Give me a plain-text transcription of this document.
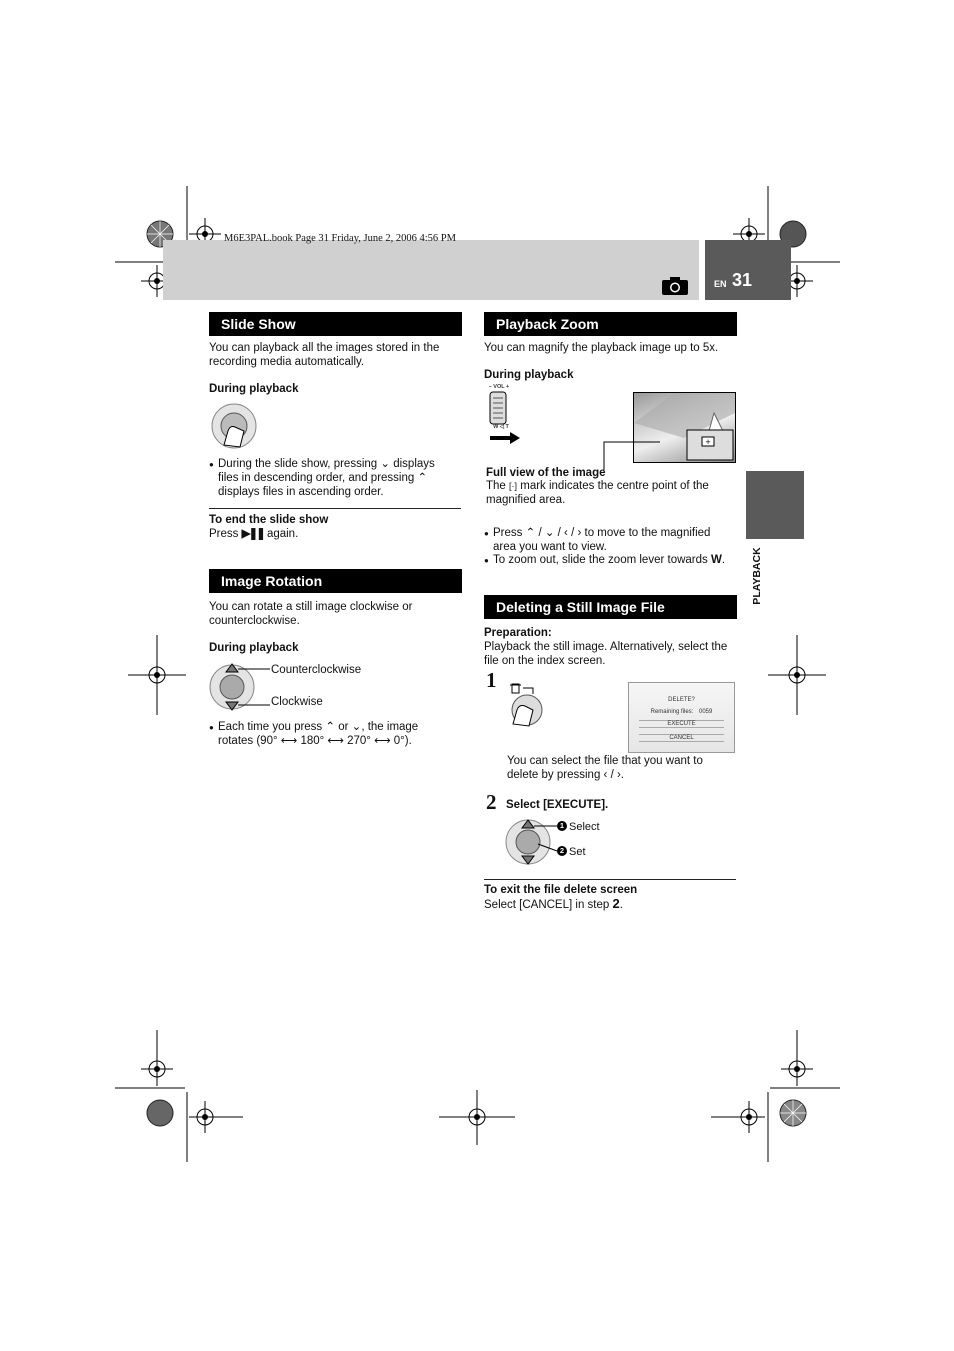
M6E3PAL.book Page 31 Friday, June 2, 2006 4:56 PM
EN 31
PLAYBACK
Slide Show
You can playback all the images stored in the recording media automatically.
During playback
● During the slide show, pressing ⌄ displays files in descending order, and pressing ⌃ displays files in ascending order.
To end the slide show
Press ▶❚❚ again.
Image Rotation
You can rotate a still image clockwise or counterclockwise.
During playback
Counterclockwise
Clockwise
● Each time you press ⌃ or ⌄, the image
rotates (90° ⟷ 180° ⟷ 270° ⟷ 0°).
Playback Zoom
You can magnify the playback image up to 5x.
During playback
– VOL +
W ◁ T
+
Full view of the image
The [·] mark indicates the centre point of the magnified area.
● Press ⌃ / ⌄ / ‹ / › to move to the magnified area you want to view.
● To zoom out, slide the zoom lever towards W.
Deleting a Still Image File
Preparation:
Playback the still image. Alternatively, select the file on the index screen.
1
DELETE?
Remaining files: 0059
EXECUTE
CANCEL
You can select the file that you want to delete by pressing ‹ / ›.
2 Select [EXECUTE].
1 Select
2 Set
To exit the file delete screen
Select [CANCEL] in step 2.
